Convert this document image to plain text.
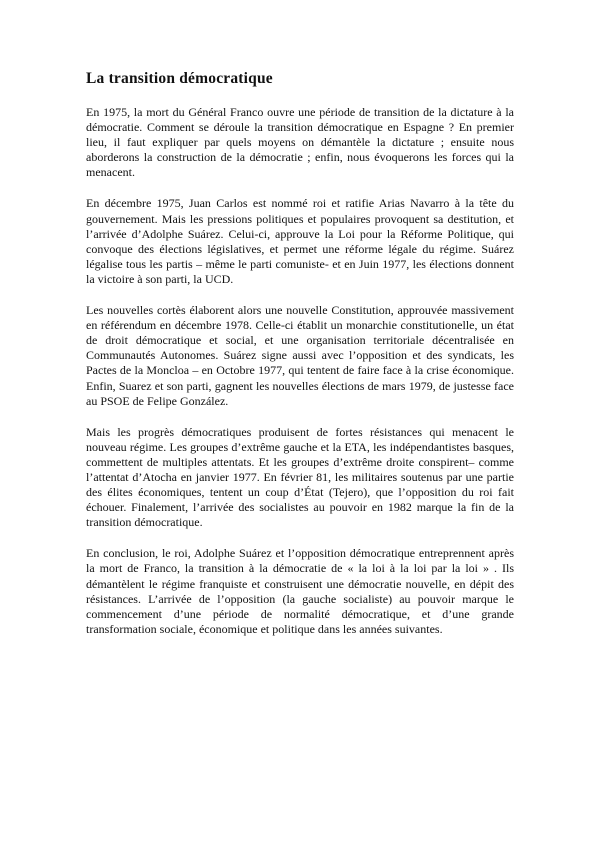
La transition démocratique

En 1975, la mort du Général Franco ouvre une période de transition de la dictature à la démocratie. Comment se déroule la transition démocratique en Espagne ? En premier lieu, il faut expliquer par quels moyens on démantèle la dictature ; ensuite nous aborderons la construction de la démocratie ; enfin, nous évoquerons les forces qui la menacent.

En décembre 1975, Juan Carlos est nommé roi et ratifie Arias Navarro à la tête du gouvernement. Mais les pressions politiques et populaires provoquent sa destitution, et l’arrivée d’Adolphe Suárez. Celui-ci, approuve la Loi pour la Réforme Politique, qui convoque des élections législatives, et permet une réforme légale du régime. Suárez légalise tous les partis – même le parti comuniste- et en Juin 1977, les élections donnent la victoire à son parti, la UCD.

Les nouvelles cortès élaborent alors une nouvelle Constitution, approuvée massivement en référendum en décembre 1978. Celle-ci établit un monarchie constitutionelle, un état de droit démocratique et social, et une organisation territoriale décentralisée en Communautés Autonomes. Suárez signe aussi avec l’opposition et des syndicats, les Pactes de la Moncloa – en Octobre 1977, qui tentent de faire face à la crise économique. Enfin, Suarez et son parti, gagnent les nouvelles élections de mars 1979, de justesse face au PSOE de Felipe González.

Mais les progrès démocratiques produisent de fortes résistances qui menacent le nouveau régime. Les groupes d’extrême gauche et la ETA, les indépendantistes basques, commettent de multiples attentats. Et les groupes d’extrême droite conspirent– comme l’attentat d’Atocha en janvier 1977. En février 81, les militaires soutenus par une partie des élites économiques, tentent un coup d’État (Tejero), que l’opposition du roi fait échouer. Finalement, l’arrivée des socialistes au pouvoir en 1982 marque la fin de la transition démocratique.

En conclusion, le roi, Adolphe Suárez et l’opposition démocratique entreprennent après la mort de Franco, la transition à la démocratie de « la loi à la loi par la loi » . Ils démantèlent le régime franquiste et construisent une démocratie nouvelle, en dépit des résistances. L’arrivée de l’opposition (la gauche socialiste) au pouvoir marque le commencement d’une période de normalité démocratique, et d’une grande transformation sociale, économique et politique dans les années suivantes.
